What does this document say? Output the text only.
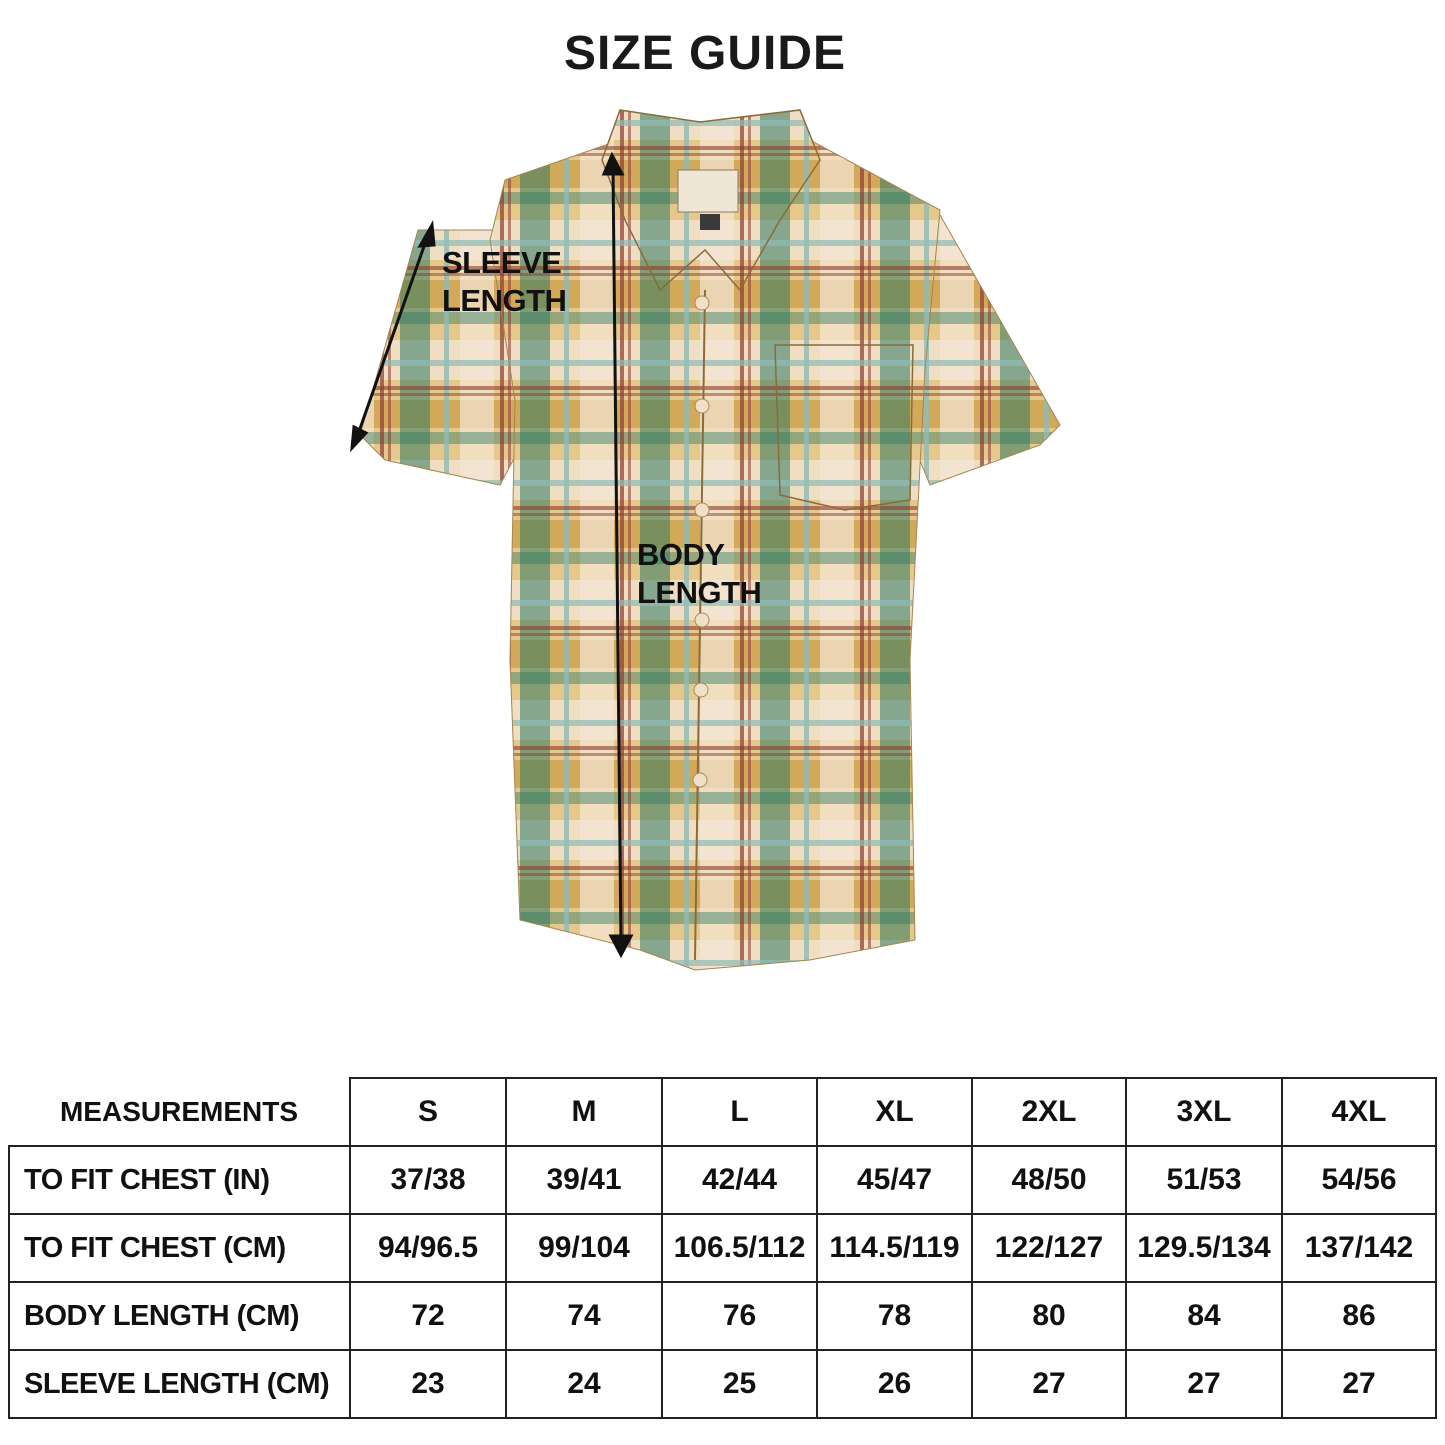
SIZE GUIDE
SLEEVE
LENGTH
BODY
LENGTH
MEASUREMENTS	S	M	L	XL	2XL	3XL	4XL
TO FIT CHEST (IN)	37/38	39/41	42/44	45/47	48/50	51/53	54/56
TO FIT CHEST (CM)	94/96.5	99/104	106.5/112	114.5/119	122/127	129.5/134	137/142
BODY LENGTH (CM)	72	74	76	78	80	84	86
SLEEVE LENGTH (CM)	23	24	25	26	27	27	27
